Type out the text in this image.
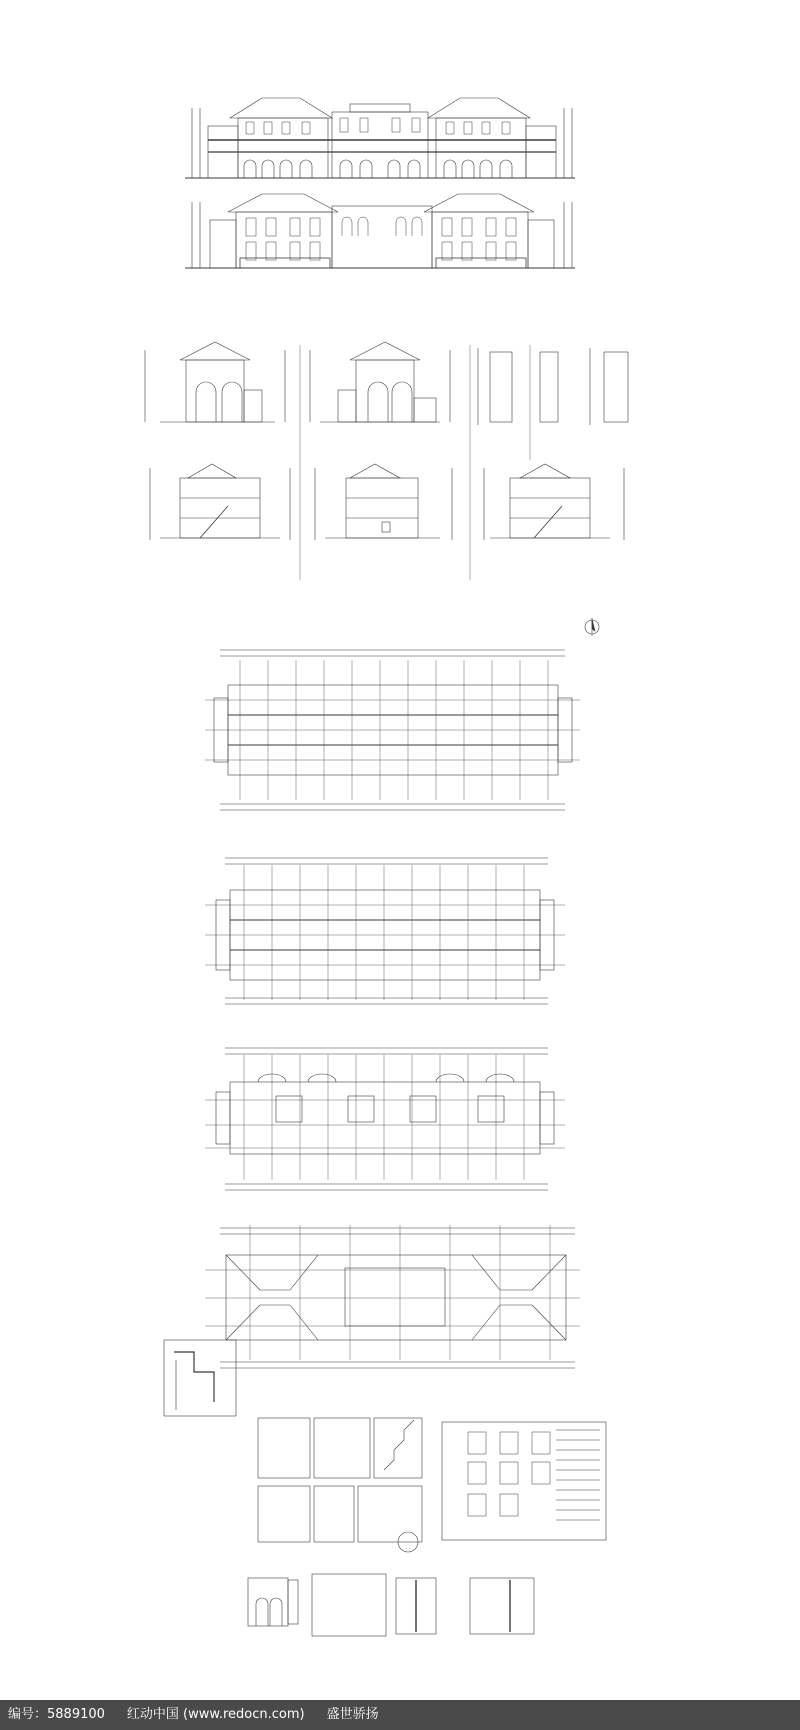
编号：5889100 红动中国 (www.redocn.com) 盛世骄扬
